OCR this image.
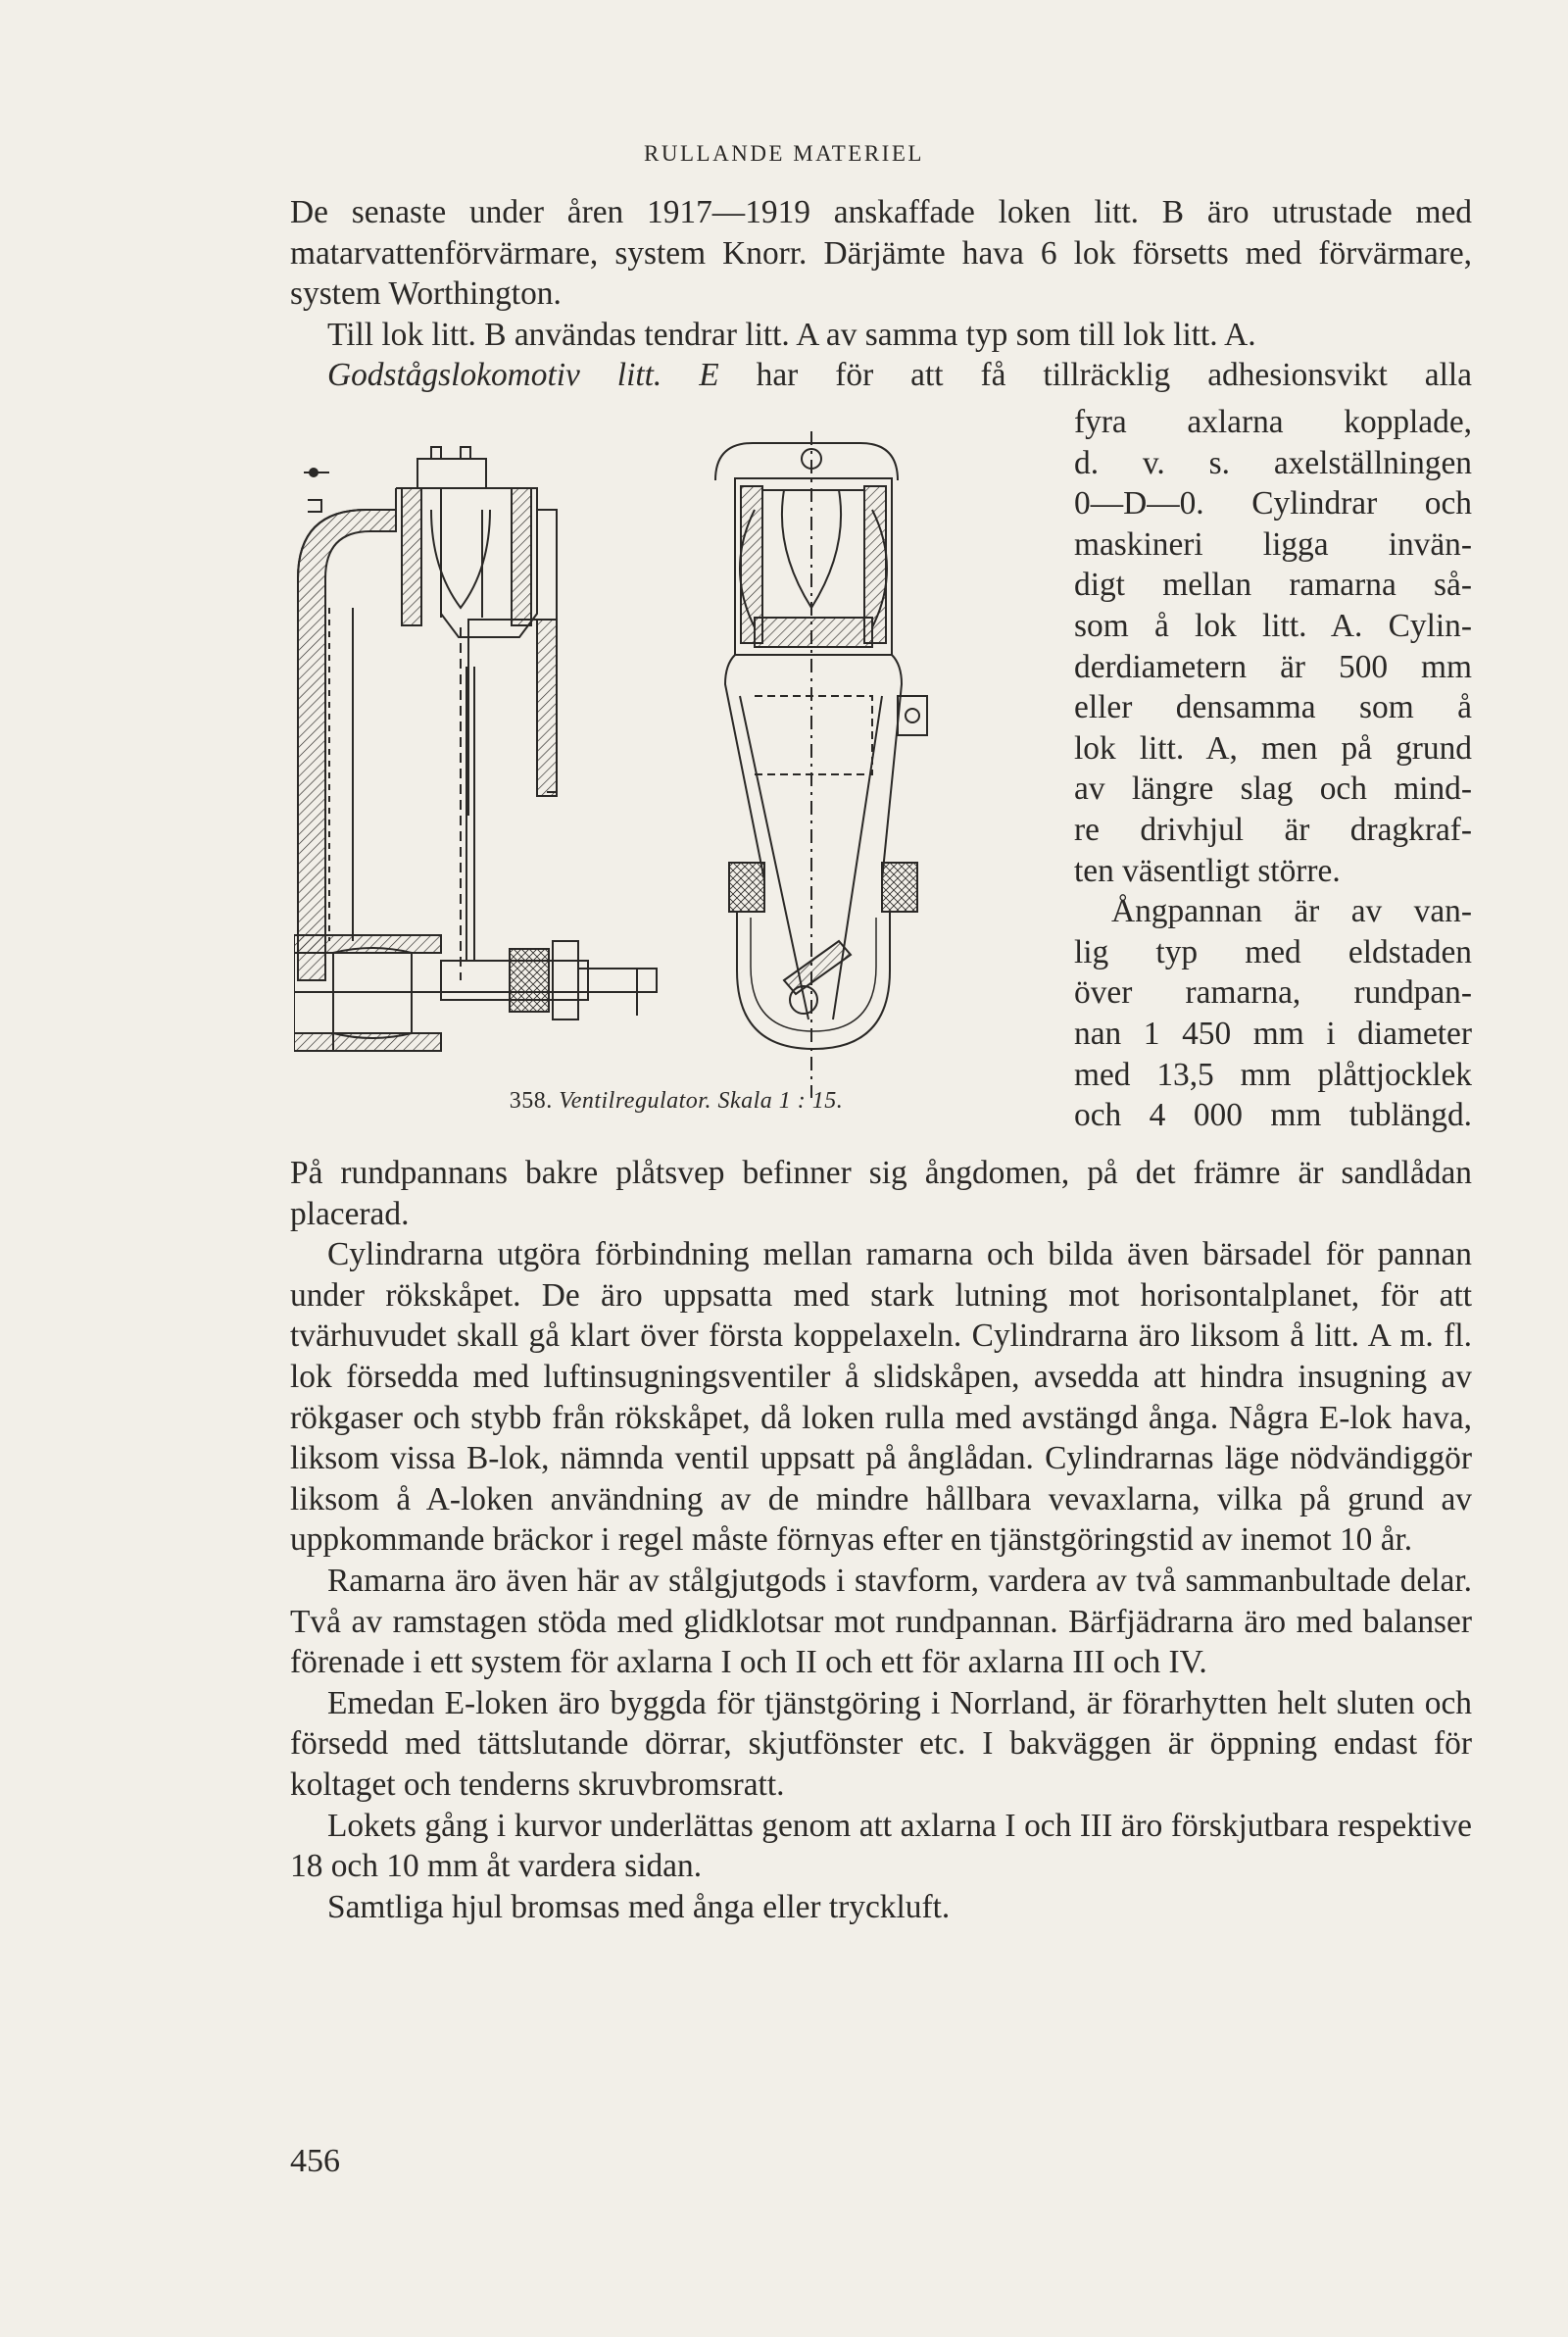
RULLANDE MATERIEL

De senaste under åren 1917—1919 anskaffade loken litt. B äro utrustade med matarvattenförvärmare, system Knorr. Därjämte hava 6 lok försetts med förvärmare, system Worthington.

Till lok litt. B användas tendrar litt. A av samma typ som till lok litt. A.

Godstågslokomotiv litt. E har för att få tillräcklig adhesionsvikt alla

fyra axlarna kopplade,

d. v. s. axelställningen

0—D—0. Cylindrar och

maskineri ligga invän-

digt mellan ramarna så-

som å lok litt. A. Cylin-

derdiametern är 500 mm

eller densamma som å

lok litt. A, men på grund

av längre slag och mind-

re drivhjul är dragkraf-

ten väsentligt större.

Ångpannan är av van-

lig typ med eldstaden

över ramarna, rundpan-

nan 1 450 mm i diameter

med 13,5 mm plåttjocklek

och 4 000 mm tublängd.

358. Ventilregulator. Skala 1 : 15.

På rundpannans bakre plåtsvep befinner sig ångdomen, på det främre är sandlådan placerad.

Cylindrarna utgöra förbindning mellan ramarna och bilda även bärsadel för pannan under rökskåpet. De äro uppsatta med stark lutning mot horisontalplanet, för att tvärhuvudet skall gå klart över första koppelaxeln. Cylindrarna äro liksom å litt. A m. fl. lok försedda med luftinsugningsventiler å slidskåpen, avsedda att hindra insugning av rökgaser och stybb från rökskåpet, då loken rulla med avstängd ånga. Några E-lok hava, liksom vissa B-lok, nämnda ventil uppsatt på ånglådan. Cylindrarnas läge nödvändiggör liksom å A-loken användning av de mindre hållbara vevaxlarna, vilka på grund av uppkommande bräckor i regel måste förnyas efter en tjänstgöringstid av inemot 10 år.

Ramarna äro även här av stålgjutgods i stavform, vardera av två sammanbultade delar. Två av ramstagen stöda med glidklotsar mot rundpannan. Bärfjädrarna äro med balanser förenade i ett system för axlarna I och II och ett för axlarna III och IV.

Emedan E-loken äro byggda för tjänstgöring i Norrland, är förarhytten helt sluten och försedd med tättslutande dörrar, skjutfönster etc. I bakväggen är öppning endast för koltaget och tenderns skruvbromsratt.

Lokets gång i kurvor underlättas genom att axlarna I och III äro förskjutbara respektive 18 och 10 mm åt vardera sidan.

Samtliga hjul bromsas med ånga eller tryckluft.

456
